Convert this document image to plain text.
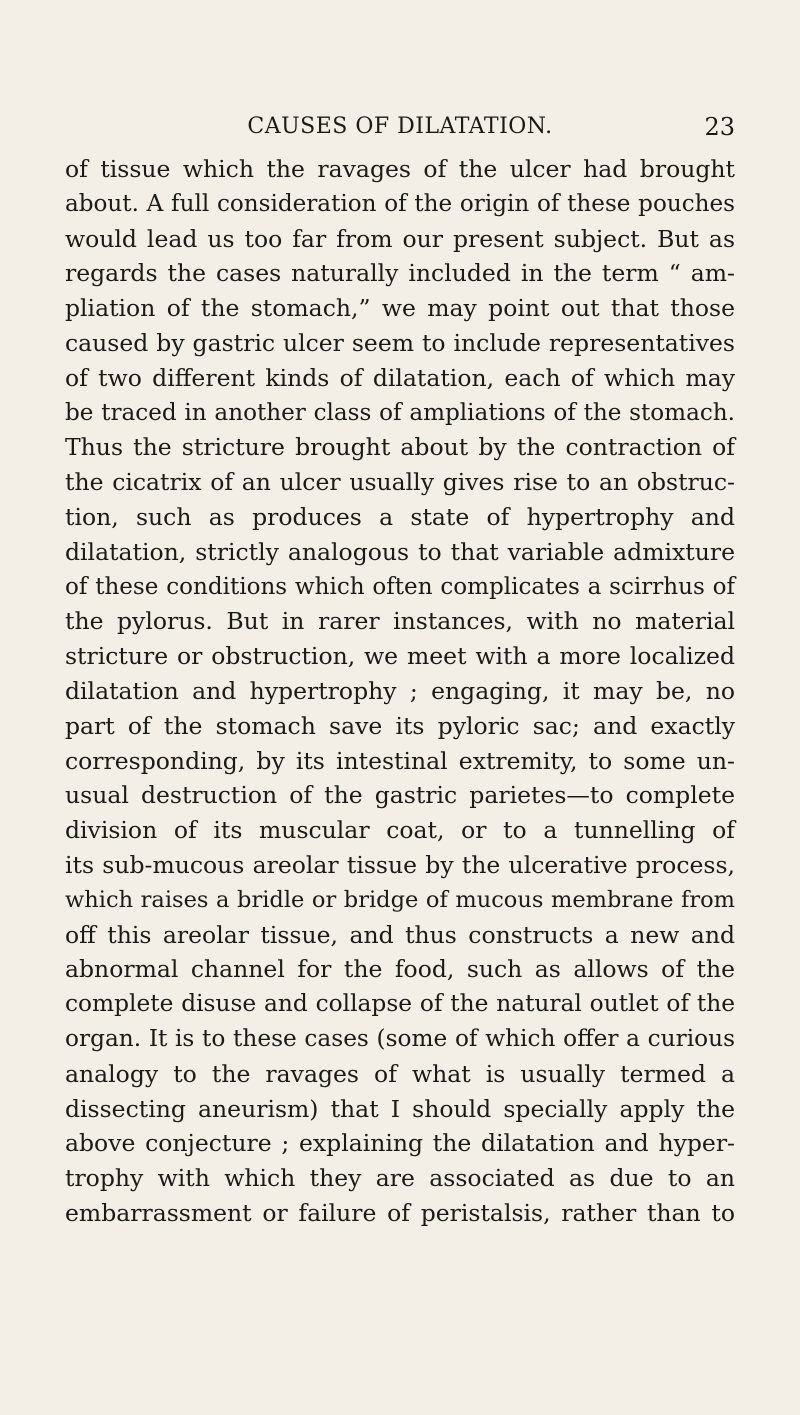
CAUSES OF DILATATION.	23
of tissue which the ravages of the ulcer had brought
about. A full consideration of the origin of these pouches
would lead us too far from our present subject. But as
regards the cases naturally included in the term “ am-
pliation of the stomach,” we may point out that those
caused by gastric ulcer seem to include representatives
of two different kinds of dilatation, each of which may
be traced in another class of ampliations of the stomach.
Thus the stricture brought about by the contraction of
the cicatrix of an ulcer usually gives rise to an obstruc-
tion, such as produces a state of hypertrophy and
dilatation, strictly analogous to that variable admixture
of these conditions which often complicates a scirrhus of
the pylorus. But in rarer instances, with no material
stricture or obstruction, we meet with a more localized
dilatation and hypertrophy ; engaging, it may be, no
part of the stomach save its pyloric sac; and exactly
corresponding, by its intestinal extremity, to some un-
usual destruction of the gastric parietes—to complete
division of its muscular coat, or to a tunnelling of
its sub-mucous areolar tissue by the ulcerative process,
which raises a bridle or bridge of mucous membrane from
off this areolar tissue, and thus constructs a new and
abnormal channel for the food, such as allows of the
complete disuse and collapse of the natural outlet of the
organ. It is to these cases (some of which offer a curious
analogy to the ravages of what is usually termed a
dissecting aneurism) that I should specially apply the
above conjecture ; explaining the dilatation and hyper-
trophy with which they are associated as due to an
embarrassment or failure of peristalsis, rather than to
